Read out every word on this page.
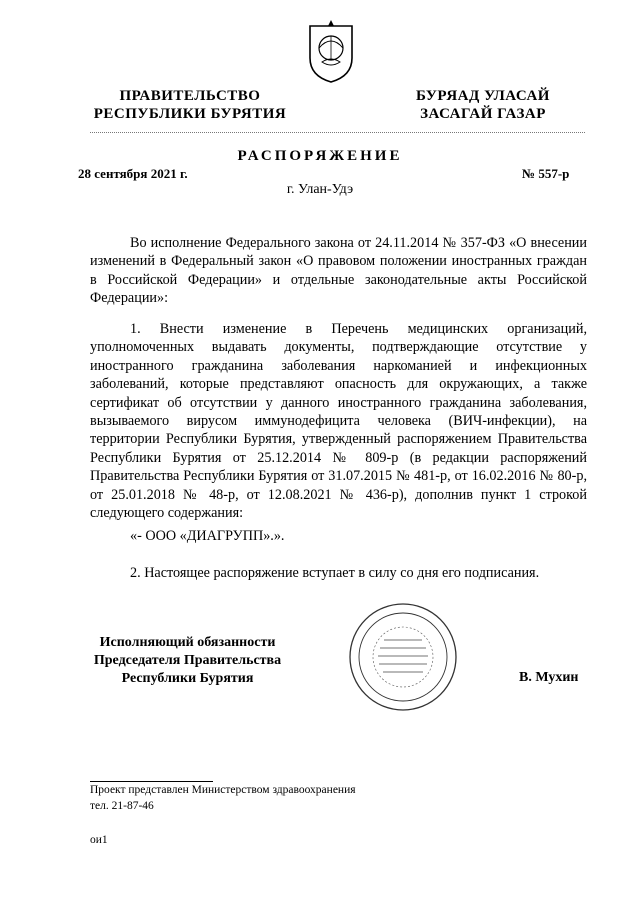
ПРАВИТЕЛЬСТВО
РЕСПУБЛИКИ БУРЯТИЯ
БУРЯАД УЛАСАЙ
ЗАСАГАЙ ГАЗАР
РАСПОРЯЖЕНИЕ
28 сентября 2021 г.	№ 557-р
г. Улан-Удэ
Во исполнение Федерального закона от 24.11.2014 № 357-ФЗ «О внесении изменений в Федеральный закон «О правовом положении иностранных граждан в Российской Федерации» и отдельные законодательные акты Российской Федерации»:
1. Внести изменение в Перечень медицинских организаций, уполномоченных выдавать документы, подтверждающие отсутствие у иностранного гражданина заболевания наркоманией и инфекционных заболеваний, которые представляют опасность для окружающих, а также сертификат об отсутствии у данного иностранного гражданина заболевания, вызываемого вирусом иммунодефицита человека (ВИЧ-инфекции), на территории Республики Бурятия, утвержденный распоряжением Правительства Республики Бурятия от 25.12.2014 № 809-р (в редакции распоряжений Правительства Республики Бурятия от 31.07.2015 № 481-р, от 16.02.2016 № 80-р, от 25.01.2018 № 48-р, от 12.08.2021 № 436-р), дополнив пункт 1 строкой следующего содержания:
«- ООО «ДИАГРУПП».».
2. Настоящее распоряжение вступает в силу со дня его подписания.
Исполняющий обязанности
Председателя Правительства
Республики Бурятия	В. Мухин
Проект представлен Министерством здравоохранения
тел. 21-87-46
ои1
